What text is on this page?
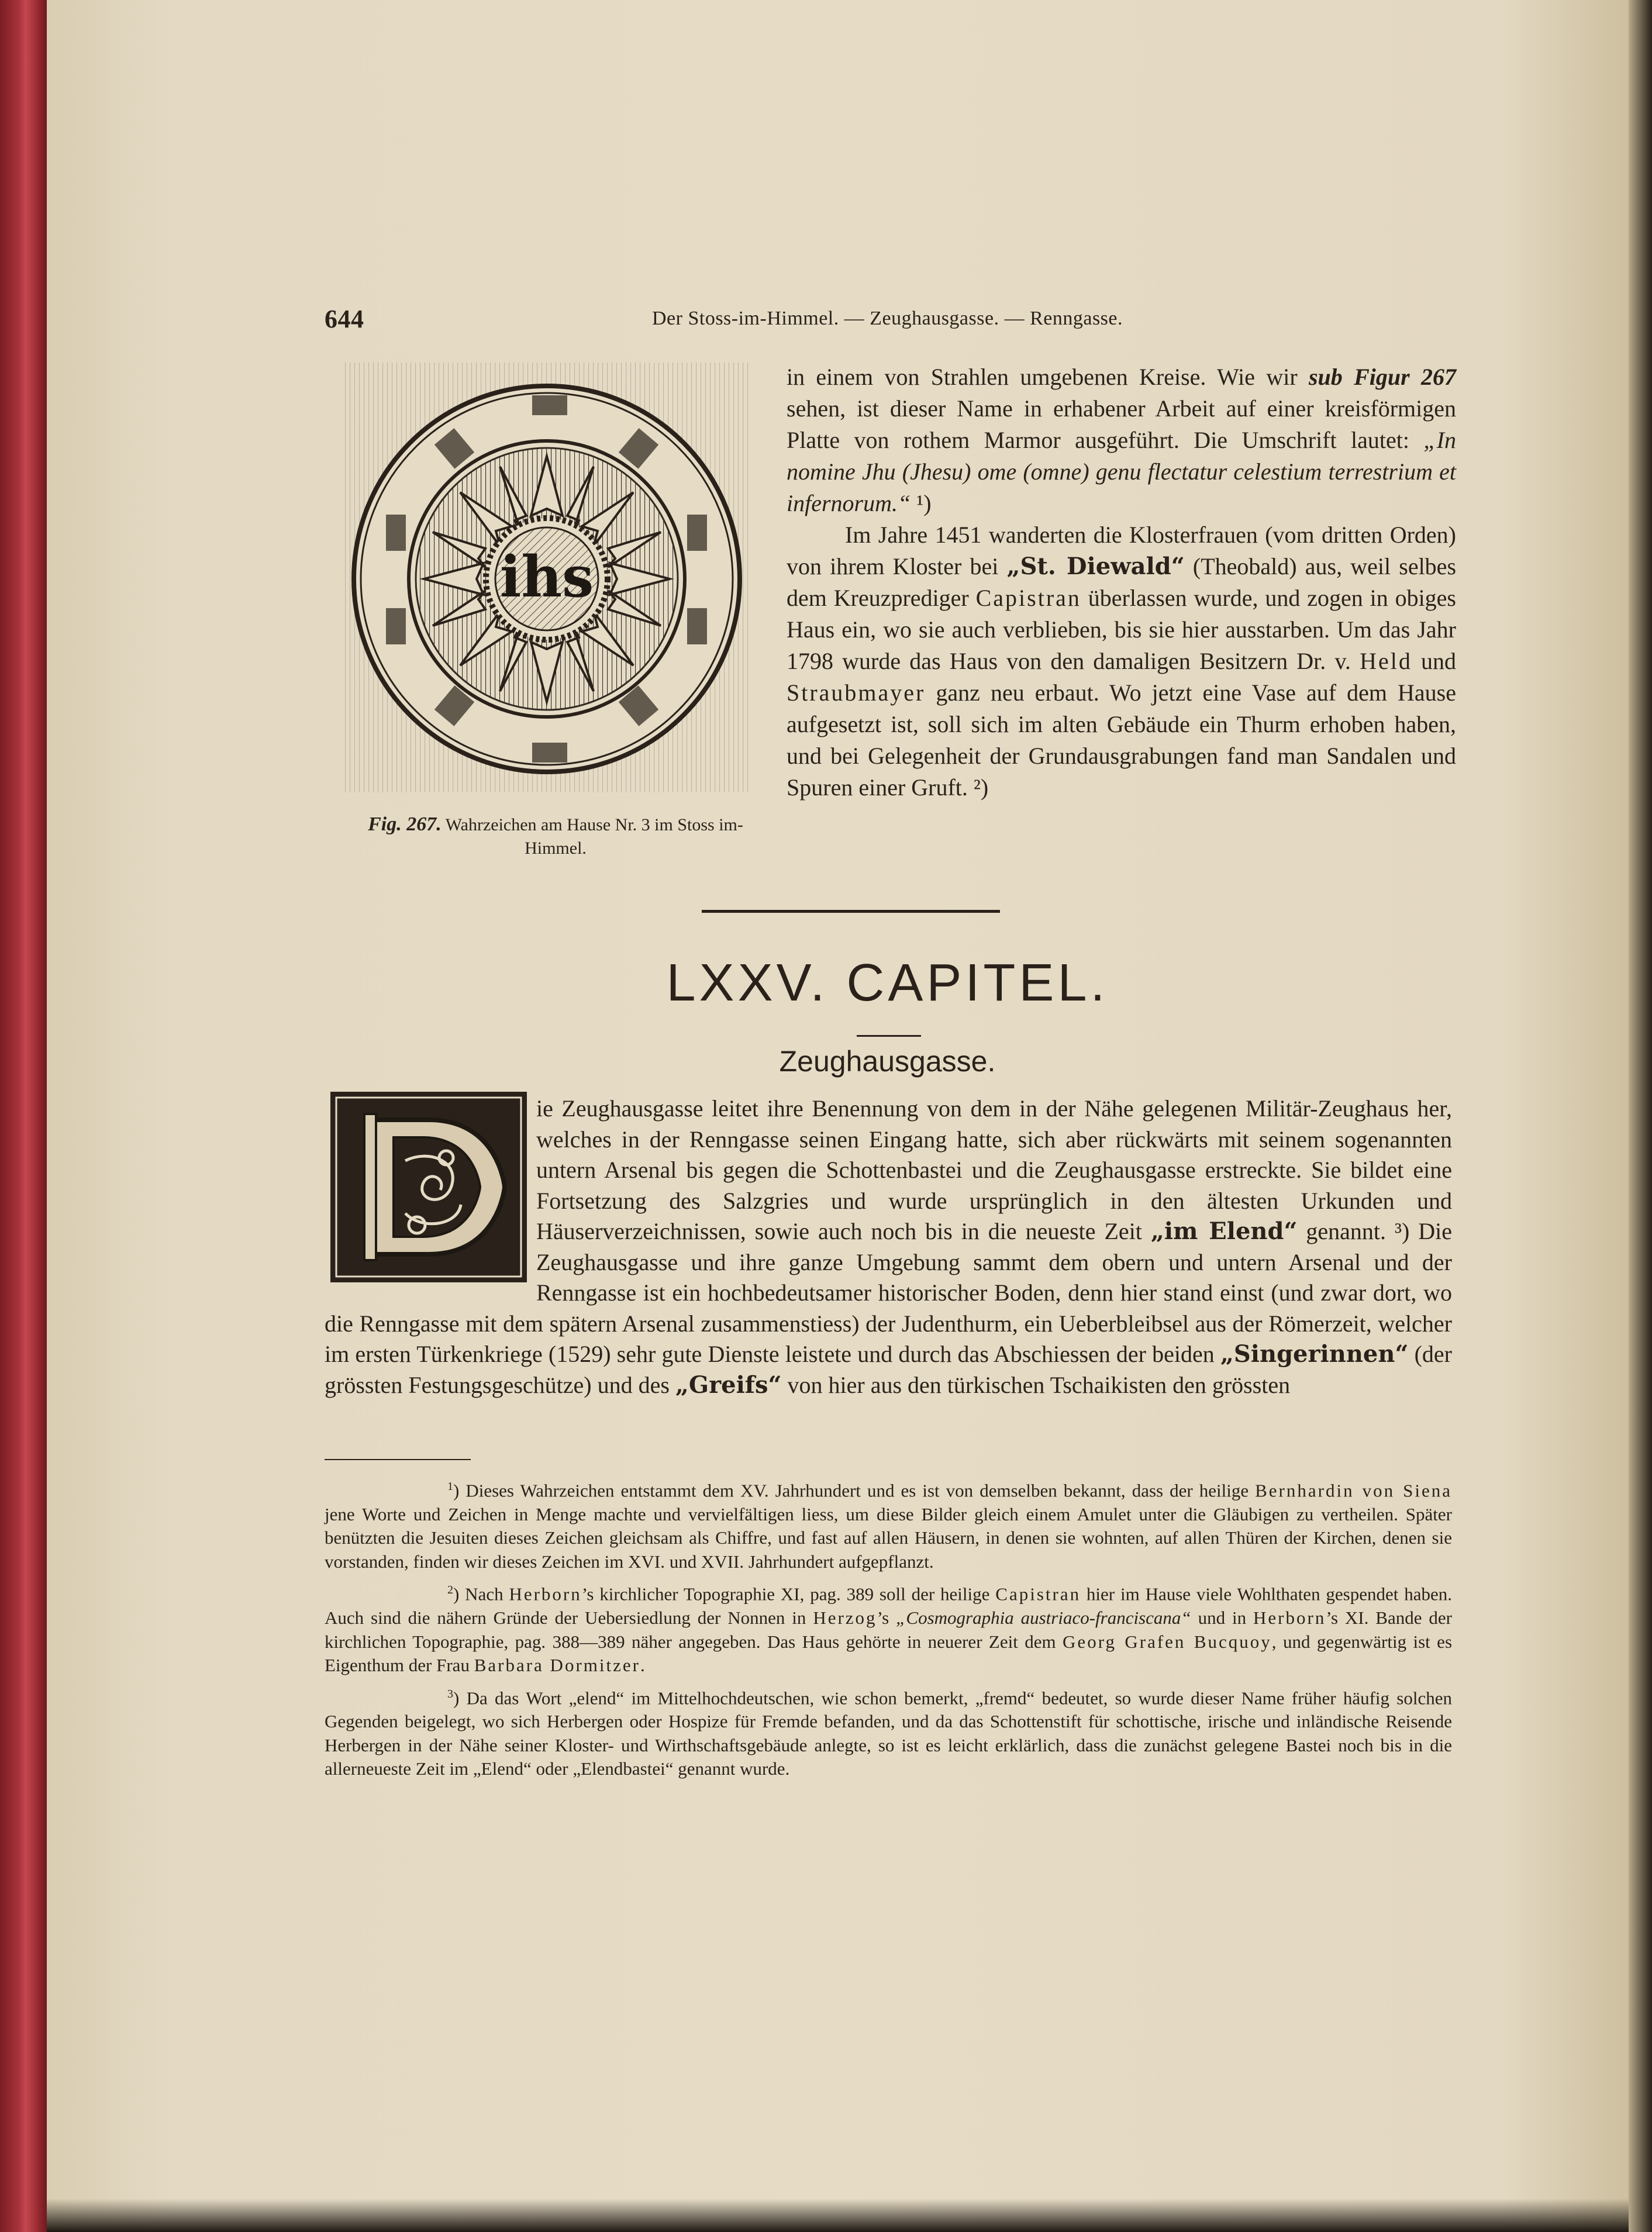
644	Der Stoss-im-Himmel. — Zeughausgasse. — Renngasse.
ihs
Fig. 267. Wahrzeichen am Hause Nr. 3 im Stoss im-Himmel.

in einem von Strahlen umgebenen Kreise. Wie wir sub Figur 267 sehen, ist dieser Name in erhabener Arbeit auf einer kreisförmigen Platte von rothem Marmor ausgeführt. Die Umschrift lautet: „In nomine Jhu (Jhesu) ome (omne) genu flectatur celestium terrestrium et infernorum.“ ¹)

Im Jahre 1451 wanderten die Klosterfrauen (vom dritten Orden) von ihrem Kloster bei „St. Diewald“ (Theobald) aus, weil selbes dem Kreuzprediger Capistran überlassen wurde, und zogen in obiges Haus ein, wo sie auch verblieben, bis sie hier ausstarben. Um das Jahr 1798 wurde das Haus von den damaligen Besitzern Dr. v. Held und Straubmayer ganz neu erbaut. Wo jetzt eine Vase auf dem Hause aufgesetzt ist, soll sich im alten Gebäude ein Thurm erhoben haben, und bei Gelegenheit der Grundausgrabungen fand man Sandalen und Spuren einer Gruft. ²)

LXXV. CAPITEL.
Zeughausgasse.

ie Zeughausgasse leitet ihre Benennung von dem in der Nähe gelegenen Militär-Zeughaus her, welches in der Renngasse seinen Eingang hatte, sich aber rückwärts mit seinem sogenannten untern Arsenal bis gegen die Schottenbastei und die Zeughausgasse erstreckte. Sie bildet eine Fortsetzung des Salzgries und wurde ursprünglich in den ältesten Urkunden und Häuserverzeichnissen, sowie auch noch bis in die neueste Zeit „im Elend“ genannt. ³) Die Zeughausgasse und ihre ganze Umgebung sammt dem obern und untern Arsenal und der Renngasse ist ein hochbedeutsamer historischer Boden, denn hier stand einst (und zwar dort, wo die Renngasse mit dem spätern Arsenal zusammenstiess) der Judenthurm, ein Ueberbleibsel aus der Römerzeit, welcher im ersten Türkenkriege (1529) sehr gute Dienste leistete und durch das Abschiessen der beiden „Singerinnen“ (der grössten Festungsgeschütze) und des „Greifs“ von hier aus den türkischen Tschaikisten den grössten

$^1$) Dieses Wahrzeichen entstammt dem XV. Jahrhundert und es ist von demselben bekannt, dass der heilige Bernhardin von Siena jene Worte und Zeichen in Menge machte und vervielfältigen liess, um diese Bilder gleich einem Amulet unter die Gläubigen zu vertheilen. Später benützten die Jesuiten dieses Zeichen gleichsam als Chiffre, und fast auf allen Häusern, in denen sie wohnten, auf allen Thüren der Kirchen, denen sie vorstanden, finden wir dieses Zeichen im XVI. und XVII. Jahrhundert aufgepflanzt.

$^2$) Nach Herborn’s kirchlicher Topographie XI, pag. 389 soll der heilige Capistran hier im Hause viele Wohlthaten gespendet haben. Auch sind die nähern Gründe der Uebersiedlung der Nonnen in Herzog’s „Cosmographia austriaco-franciscana“ und in Herborn’s XI. Bande der kirchlichen Topographie, pag. 388—389 näher angegeben. Das Haus gehörte in neuerer Zeit dem Georg Grafen Bucquoy, und gegenwärtig ist es Eigenthum der Frau Barbara Dormitzer.

$^3$) Da das Wort „elend“ im Mittelhochdeutschen, wie schon bemerkt, „fremd“ bedeutet, so wurde dieser Name früher häufig solchen Gegenden beigelegt, wo sich Herbergen oder Hospize für Fremde befanden, und da das Schottenstift für schottische, irische und inländische Reisende Herbergen in der Nähe seiner Kloster- und Wirthschaftsgebäude anlegte, so ist es leicht erklärlich, dass die zunächst gelegene Bastei noch bis in die allerneueste Zeit im „Elend“ oder „Elendbastei“ genannt wurde.
